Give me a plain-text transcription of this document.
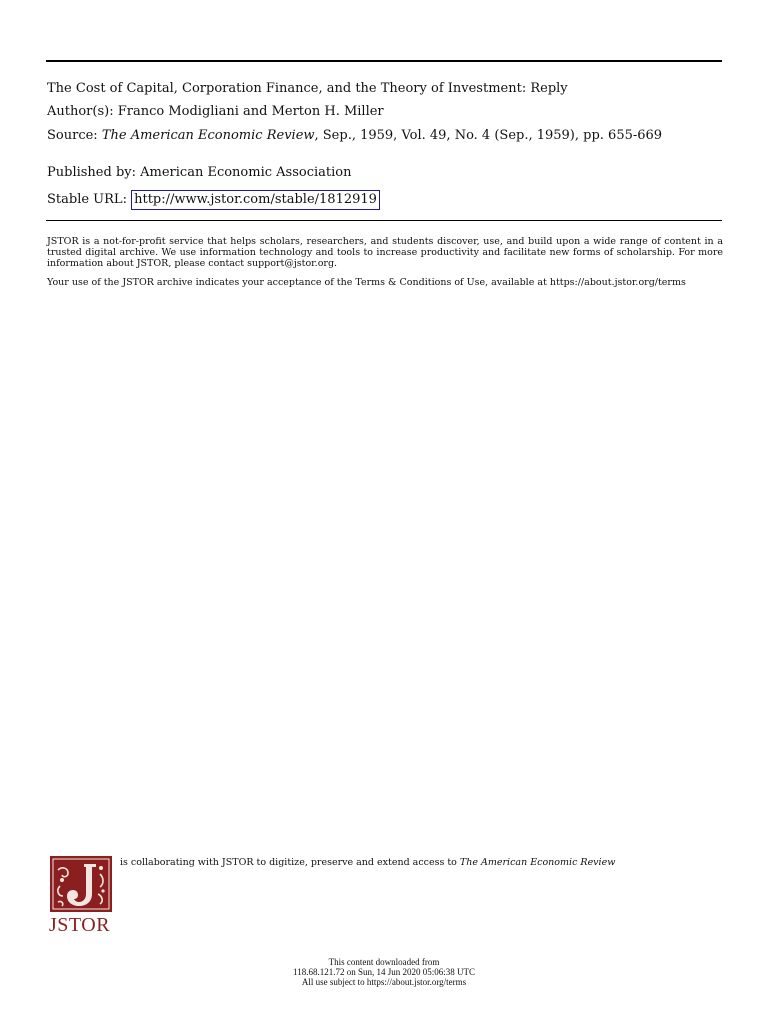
The Cost of Capital, Corporation Finance, and the Theory of Investment: Reply
Author(s): Franco Modigliani and Merton H. Miller
Source: The American Economic Review, Sep., 1959, Vol. 49, No. 4 (Sep., 1959), pp. 655-669
Published by: American Economic Association
Stable URL: http://www.jstor.com/stable/1812919
JSTOR is a not-for-profit service that helps scholars, researchers, and students discover, use, and build upon a wide range of content in a trusted digital archive. We use information technology and tools to increase productivity and facilitate new forms of scholarship. For more information about JSTOR, please contact support@jstor.org.
Your use of the JSTOR archive indicates your acceptance of the Terms & Conditions of Use, available at https://about.jstor.org/terms
JSTOR
is collaborating with JSTOR to digitize, preserve and extend access to The American Economic Review
This content downloaded from
118.68.121.72 on Sun, 14 Jun 2020 05:06:38 UTC
All use subject to https://about.jstor.org/terms
